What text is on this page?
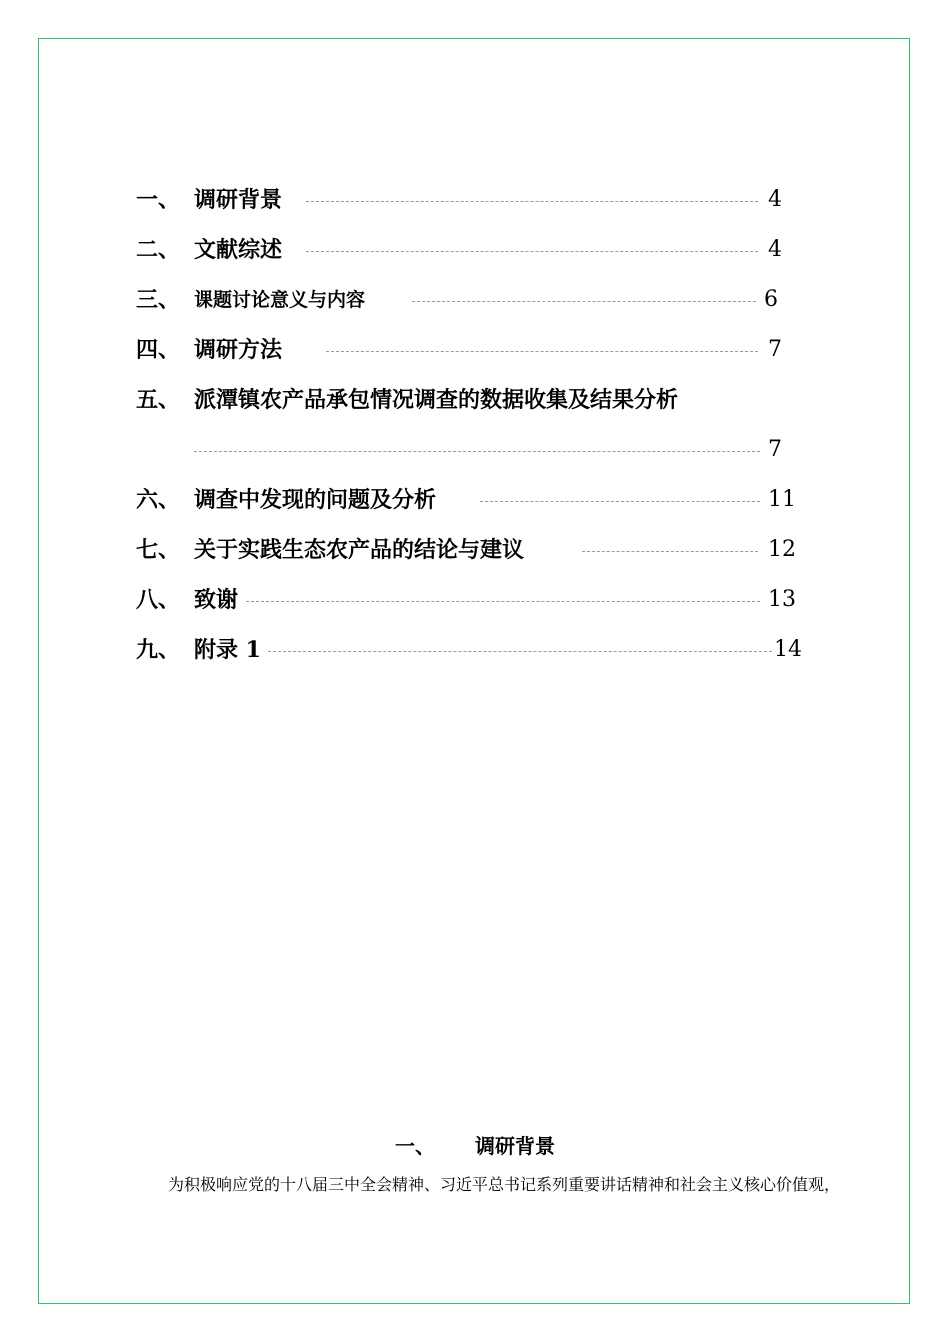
一、 调研背景	4
二、 文献综述	4
三、 课题讨论意义与内容	6
四、 调研方法	7
五、 派潭镇农产品承包情况调查的数据收集及结果分析
7
六、 调查中发现的问题及分析	11
七、 关于实践生态农产品的结论与建议	12
八、 致谢	13
九、 附录 1	14
一、 调研背景
为积极响应党的十八届三中全会精神、习近平总书记系列重要讲话精神和社会主义核心价值观，
